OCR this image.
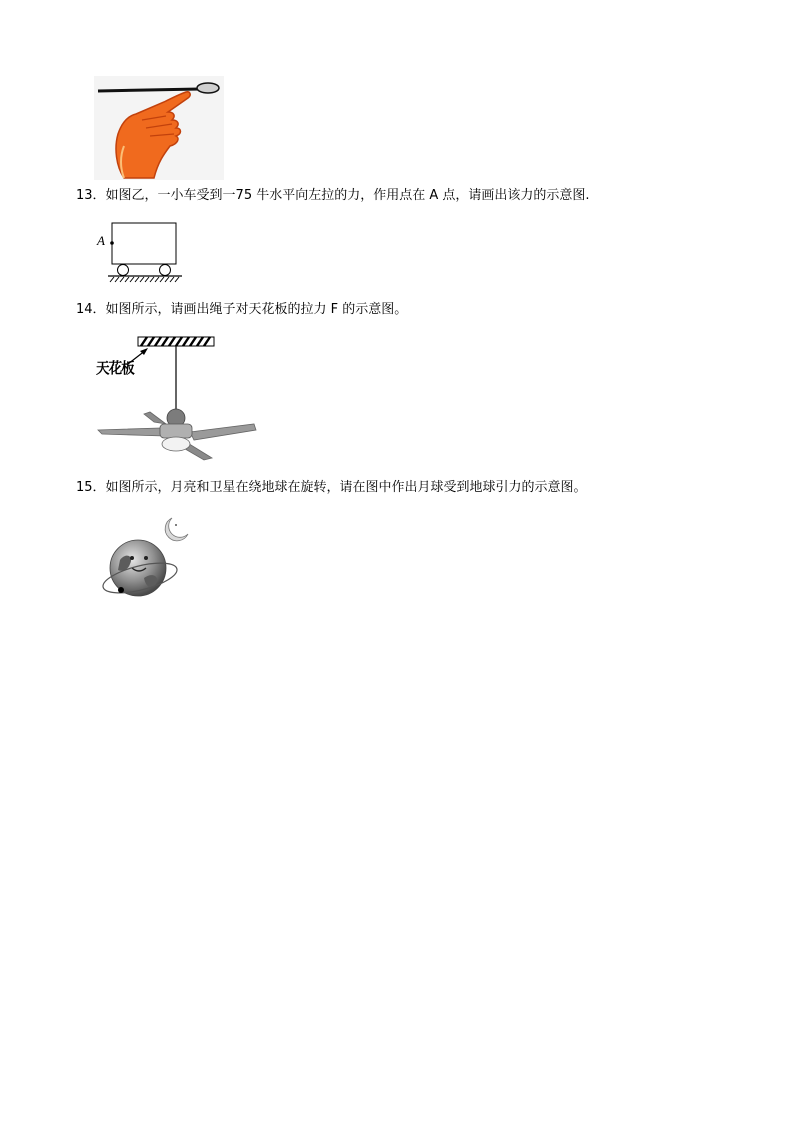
13．如图乙，一小车受到一75 牛水平向左拉的力，作用点在 A 点，请画出该力的示意图.
A
14．如图所示，请画出绳子对天花板的拉力 F 的示意图。
天花板
15．如图所示，月亮和卫星在绕地球在旋转，请在图中作出月球受到地球引力的示意图。
